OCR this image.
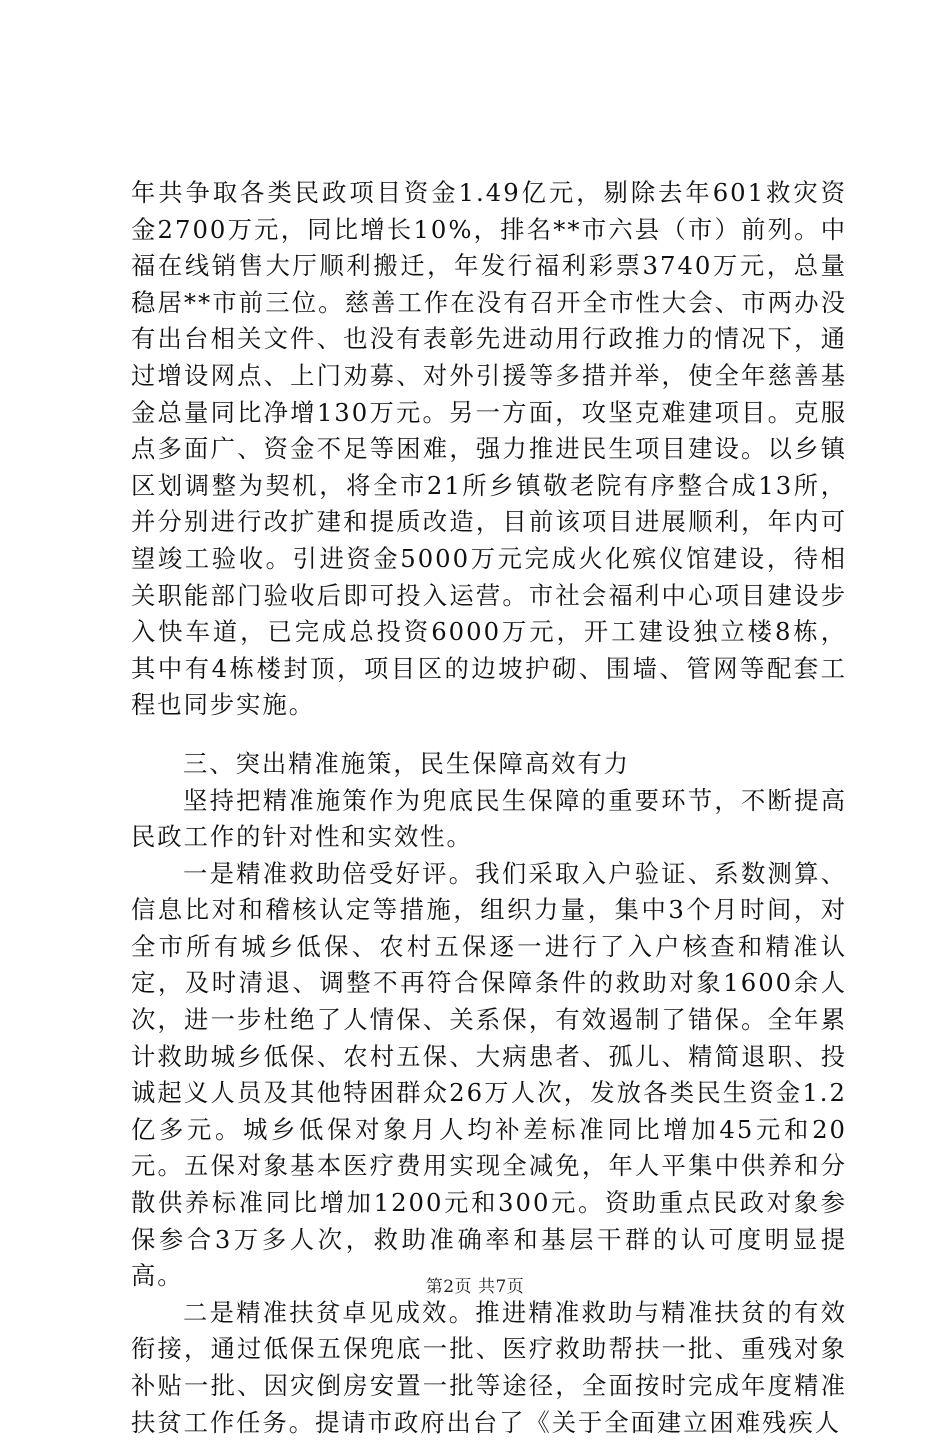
年共争取各类民政项目资金1.49亿元，剔除去年601救灾资金2700万元，同比增长10%，排名**市六县（市）前列。中福在线销售大厅顺利搬迁，年发行福利彩票3740万元，总量稳居**市前三位。慈善工作在没有召开全市性大会、市两办没有出台相关文件、也没有表彰先进动用行政推力的情况下，通过增设网点、上门劝募、对外引援等多措并举，使全年慈善基金总量同比净增130万元。另一方面，攻坚克难建项目。克服点多面广、资金不足等困难，强力推进民生项目建设。以乡镇区划调整为契机，将全市21所乡镇敬老院有序整合成13所，并分别进行改扩建和提质改造，目前该项目进展顺利，年内可望竣工验收。引进资金5000万元完成火化殡仪馆建设，待相关职能部门验收后即可投入运营。市社会福利中心项目建设步入快车道，已完成总投资6000万元，开工建设独立楼8栋，其中有4栋楼封顶，项目区的边坡护砌、围墙、管网等配套工程也同步实施。

三、突出精准施策，民生保障高效有力

坚持把精准施策作为兜底民生保障的重要环节，不断提高民政工作的针对性和实效性。

一是精准救助倍受好评。我们采取入户验证、系数测算、信息比对和稽核认定等措施，组织力量，集中3个月时间，对全市所有城乡低保、农村五保逐一进行了入户核查和精准认定，及时清退、调整不再符合保障条件的救助对象1600余人次，进一步杜绝了人情保、关系保，有效遏制了错保。全年累计救助城乡低保、农村五保、大病患者、孤儿、精简退职、投诚起义人员及其他特困群众26万人次，发放各类民生资金1.2亿多元。城乡低保对象月人均补差标准同比增加45元和20元。五保对象基本医疗费用实现全减免，年人平集中供养和分散供养标准同比增加1200元和300元。资助重点民政对象参保参合3万多人次，救助准确率和基层干群的认可度明显提高。

二是精准扶贫卓见成效。推进精准救助与精准扶贫的有效衔接，通过低保五保兜底一批、医疗救助帮扶一批、重残对象补贴一批、因灾倒房安置一批等途径，全面按时完成年度精准扶贫工作任务。提请市政府出台了《关于全面建立困难残疾人

第2页 共7页
